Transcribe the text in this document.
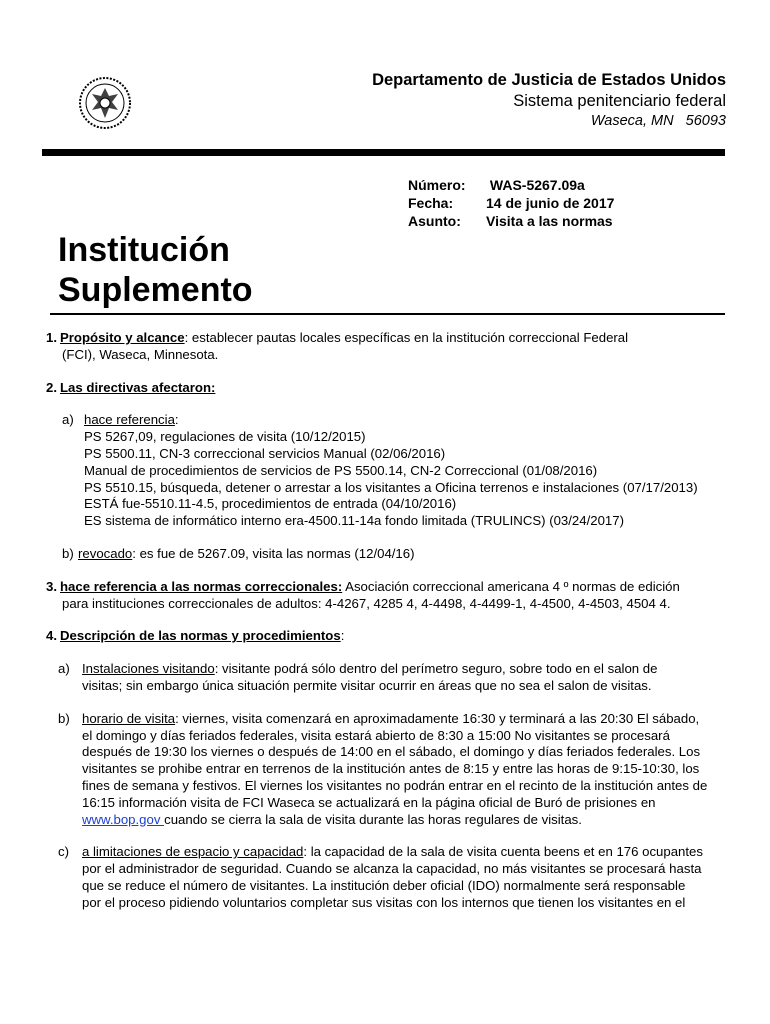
Departamento de Justicia de Estados Unidos
Sistema penitenciario federal
Waseca, MN   56093
Número:	WAS-5267.09a
Fecha:	14 de junio de 2017
Asunto:	Visita a las normas
Institución
Suplemento

1. Propósito y alcance: establecer pautas locales específicas en la institución correccional Federal

(FCI), Waseca, Minnesota.

2. Las directivas afectaron:

a) hace referencia:

PS 5267,09, regulaciones de visita (10/12/2015)
PS 5500.11, CN-3 correccional servicios Manual (02/06/2016)
Manual de procedimientos de servicios de PS 5500.14, CN-2 Correccional (01/08/2016)
PS 5510.15, búsqueda, detener o arrestar a los visitantes a Oficina terrenos e instalaciones (07/17/2013)
ESTÁ fue-5510.11-4.5, procedimientos de entrada (04/10/2016)
ES sistema de informático interno era-4500.11-14a fondo limitada (TRULINCS) (03/24/2017)

b) revocado: es fue de 5267.09, visita las normas (12/04/16)

3. hace referencia a las normas correccionales: Asociación correccional americana 4 º normas de edición

para instituciones correccionales de adultos: 4-4267, 4285 4, 4-4498, 4-4499-1, 4-4500, 4-4503, 4504 4.

4. Descripción de las normas y procedimientos:

a) Instalaciones visitando: visitante podrá sólo dentro del perímetro seguro, sobre todo en el salon de
visitas; sin embargo única situación permite visitar ocurrir en áreas que no sea el salon de visitas.
b) horario de visita: viernes, visita comenzará en aproximadamente 16:30 y terminará a las 20:30 El sábado,
el domingo y días feriados federales, visita estará abierto de 8:30 a 15:00 No visitantes se procesará
después de 19:30 los viernes o después de 14:00 en el sábado, el domingo y días feriados federales. Los
visitantes se prohibe entrar en terrenos de la institución antes de 8:15 y entre las horas de 9:15-10:30, los
fines de semana y festivos. El viernes los visitantes no podrán entrar en el recinto de la institución antes de
16:15 información visita de FCI Waseca se actualizará en la página oficial de Buró de prisiones en
www.bop.gov cuando se cierra la sala de visita durante las horas regulares de visitas.
c) a limitaciones de espacio y capacidad: la capacidad de la sala de visita cuenta beens et en 176 ocupantes
por el administrador de seguridad. Cuando se alcanza la capacidad, no más visitantes se procesará hasta
que se reduce el número de visitantes. La institución deber oficial (IDO) normalmente será responsable
por el proceso pidiendo voluntarios completar sus visitas con los internos que tienen los visitantes en el
